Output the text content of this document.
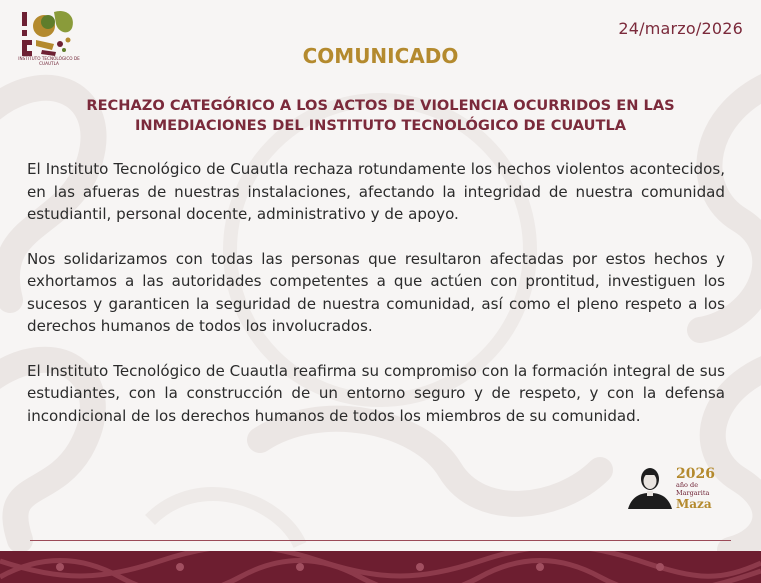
INSTITUTO TECNOLÓGICO DE CUAUTLA
24/marzo/2026
COMUNICADO
RECHAZO CATEGÓRICO A LOS ACTOS DE VIOLENCIA OCURRIDOS EN LAS INMEDIACIONES DEL INSTITUTO TECNOLÓGICO DE CUAUTLA

El Instituto Tecnológico de Cuautla rechaza rotundamente los hechos violentos acontecidos, en las afueras de nuestras instalaciones, afectando la integridad de nuestra comunidad estudiantil, personal docente, administrativo y de apoyo.

Nos solidarizamos con todas las personas que resultaron afectadas por estos hechos y exhortamos a las autoridades competentes a que actúen con prontitud, investiguen los sucesos y garanticen la seguridad de nuestra comunidad, así como el pleno respeto a los derechos humanos de todos los involucrados.

El Instituto Tecnológico de Cuautla reafirma su compromiso con la formación integral de sus estudiantes, con la construcción de un entorno seguro y de respeto, y con la defensa incondicional de los derechos humanos de todos los miembros de su comunidad.

2026
año de Margarita
Maza
